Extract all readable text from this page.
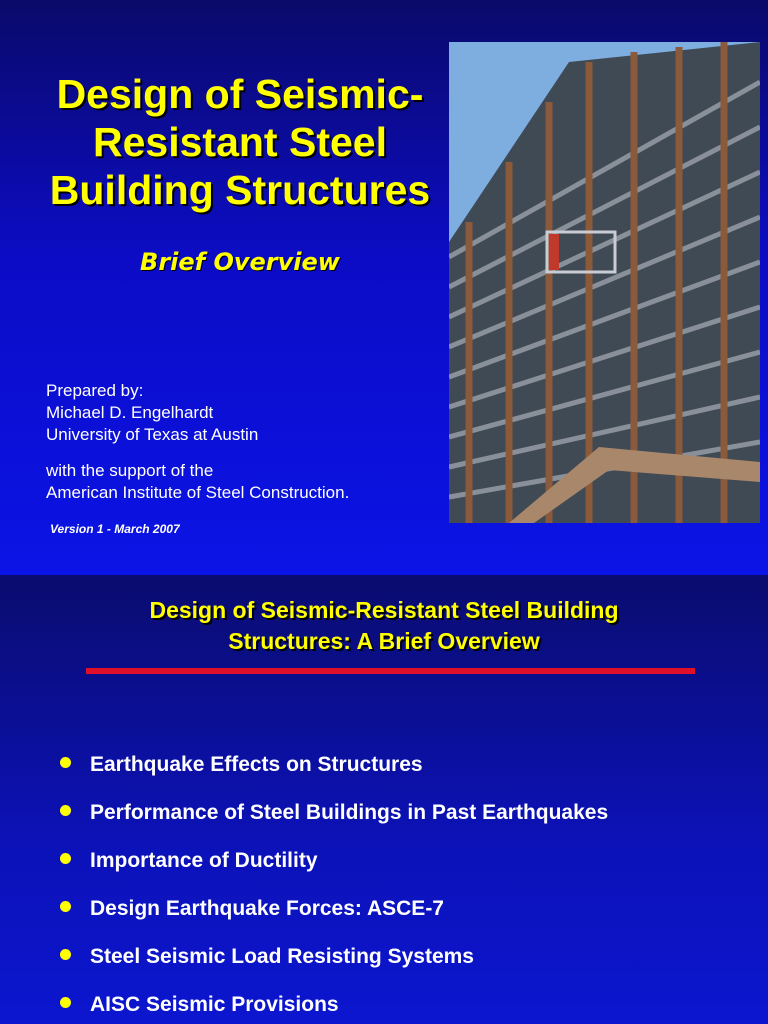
Design of Seismic-
Resistant Steel
Building Structures
Brief Overview
Prepared by:
Michael D. Engelhardt
University of Texas at Austin
with the support of the
American Institute of Steel Construction.
Version 1 - March 2007
Design of Seismic-Resistant Steel Building
Structures: A Brief Overview
Earthquake Effects on Structures
Performance of Steel Buildings in Past Earthquakes
Importance of Ductility
Design Earthquake Forces: ASCE-7
Steel Seismic Load Resisting Systems
AISC Seismic Provisions
